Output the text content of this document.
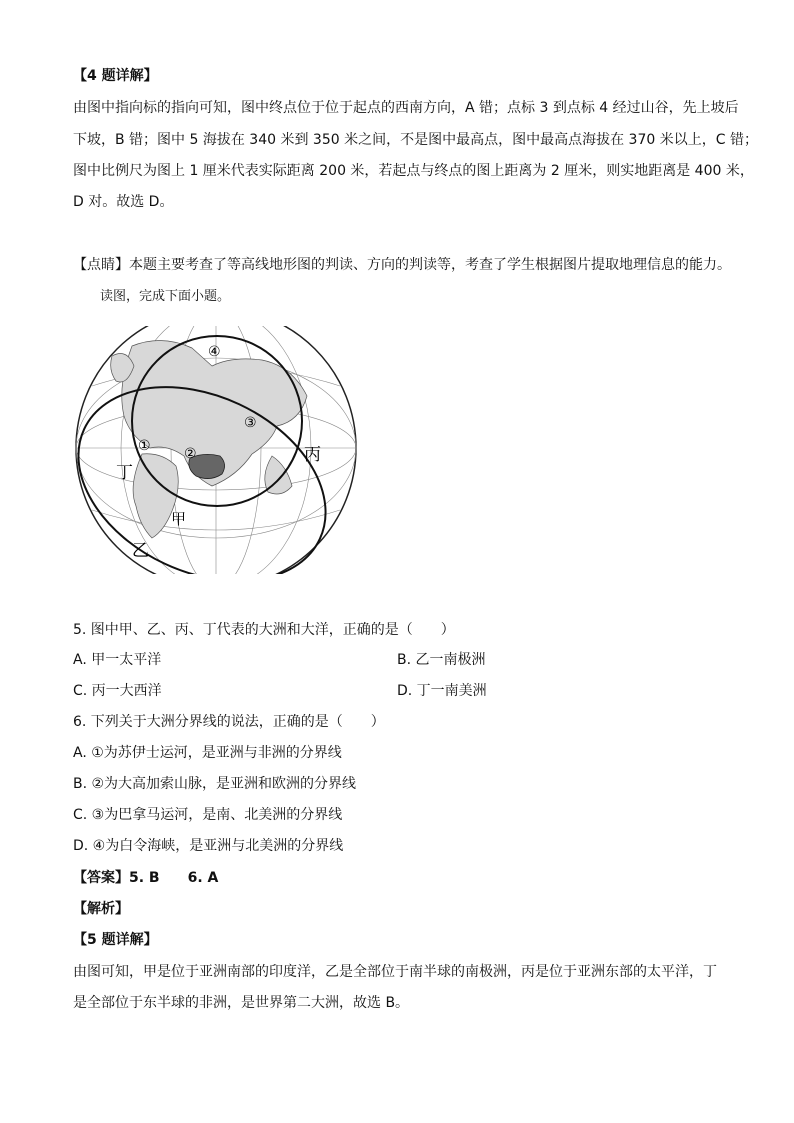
【4 题详解】
由图中指向标的指向可知，图中终点位于位于起点的西南方向，A 错；点标 3 到点标 4 经过山谷，先上坡后
下坡，B 错；图中 5 海拔在 340 米到 350 米之间，不是图中最高点，图中最高点海拔在 370 米以上，C 错；
图中比例尺为图上 1 厘米代表实际距离 200 米，若起点与终点的图上距离为 2 厘米，则实地距离是 400 米，
D 对。故选 D。
【点睛】本题主要考查了等高线地形图的判读、方向的判读等，考查了学生根据图片提取地理信息的能力。
读图，完成下面小题。
④
① ②
③
丙
丁
甲
乙
5. 图中甲、乙、丙、丁代表的大洲和大洋，正确的是（　　）
A. 甲一太平洋	B. 乙一南极洲
C. 丙一大西洋	D. 丁一南美洲
6. 下列关于大洲分界线的说法，正确的是（　　）
A. ①为苏伊士运河，是亚洲与非洲的分界线
B. ②为大高加索山脉，是亚洲和欧洲的分界线
C. ③为巴拿马运河，是南、北美洲的分界线
D. ④为白令海峡，是亚洲与北美洲的分界线
【答案】5. B　　6. A
【解析】
【5 题详解】
由图可知，甲是位于亚洲南部的印度洋，乙是全部位于南半球的南极洲，丙是位于亚洲东部的太平洋，丁
是全部位于东半球的非洲，是世界第二大洲，故选 B。
